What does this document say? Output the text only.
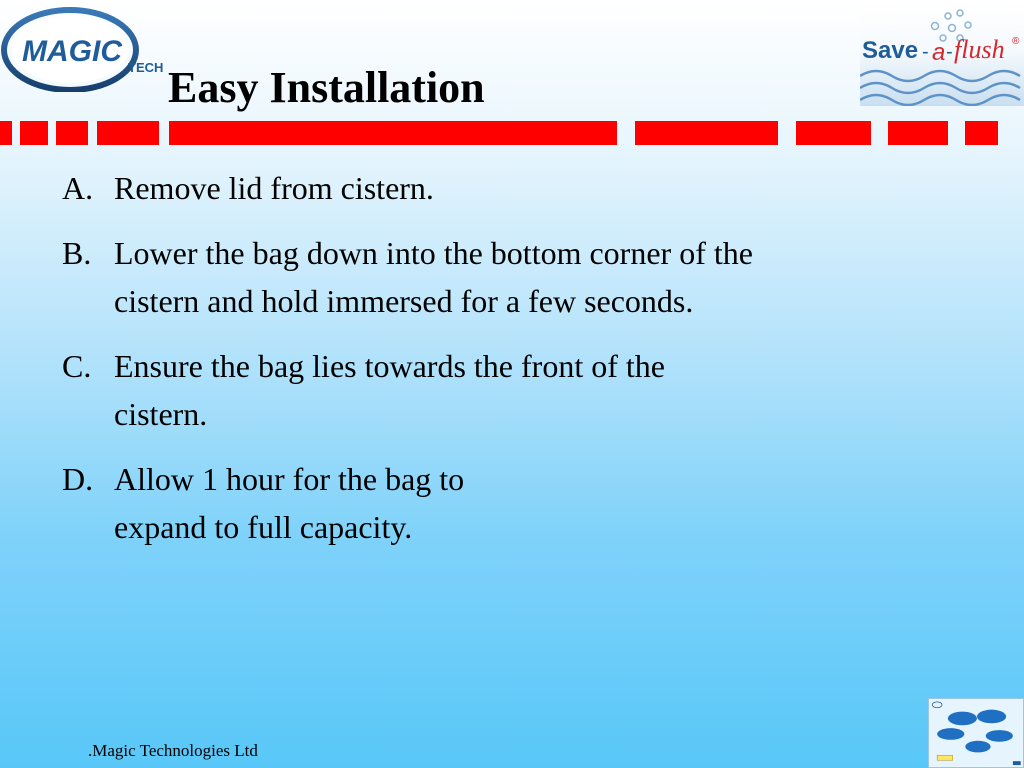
MAGIC TECH
Save - a - flush ®
Easy Installation
A. Remove lid from cistern.
B. Lower the bag down into the bottom corner of the cistern and hold immersed for a few seconds.
C. Ensure the bag lies towards the front of the cistern.
D. Allow 1 hour for the bag to expand to full capacity.
.Magic Technologies Ltd
